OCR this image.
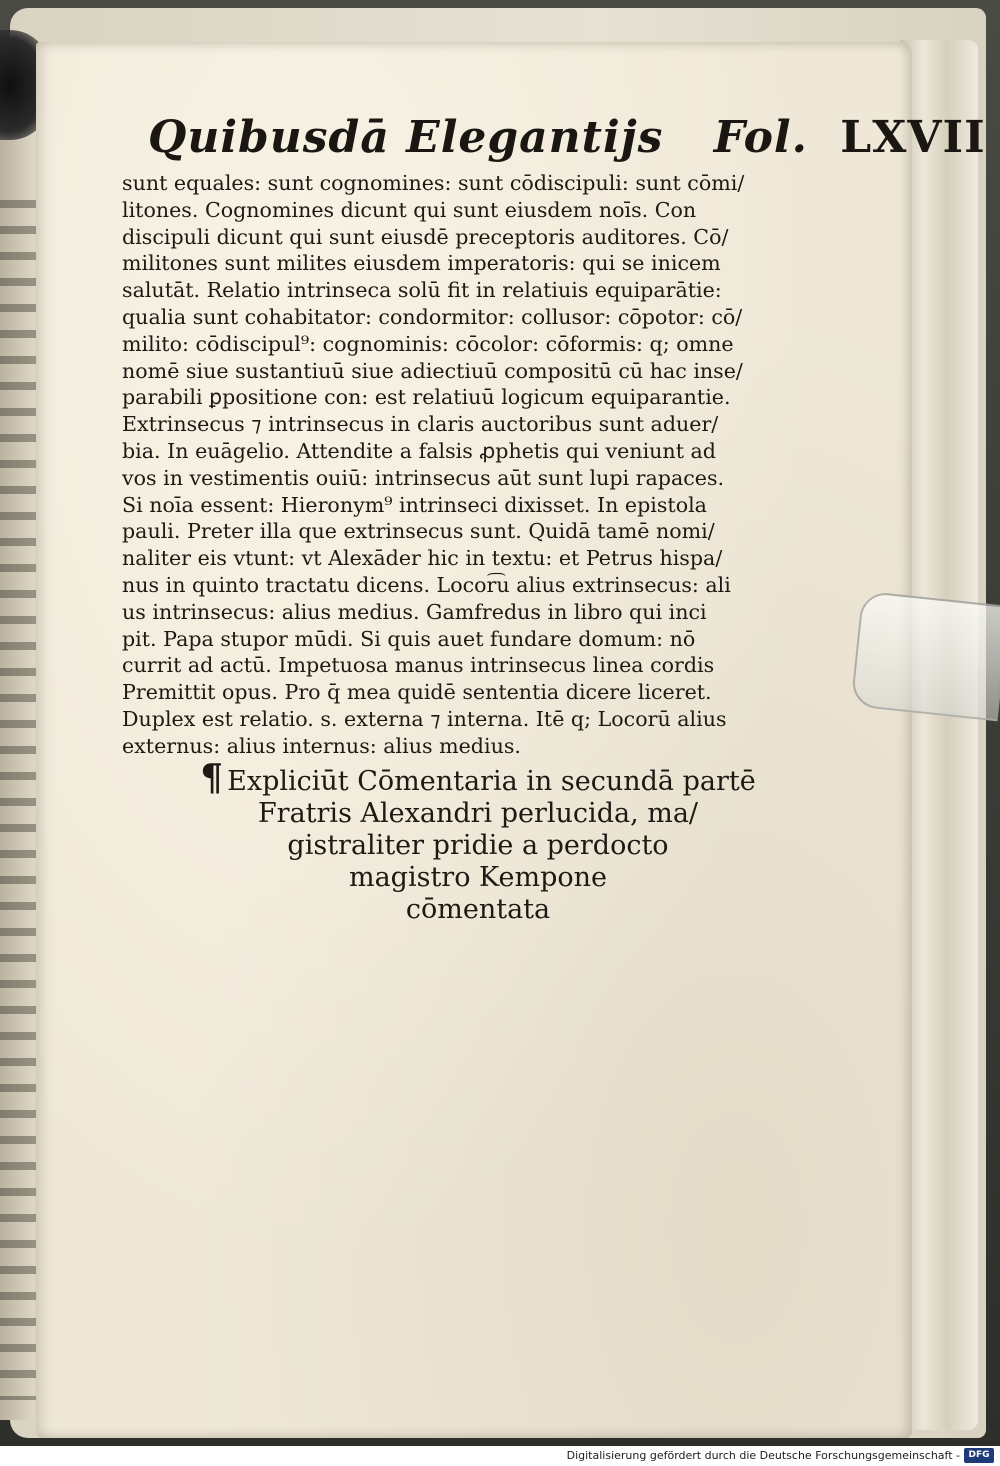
Quibusdā Elegantijs Fol. LXVII
sunt equales: sunt cognomines: sunt cōdiscipuli: sunt cōmi/
litones. Cognomines dicunt qui sunt eiusdem noīs. Con
discipuli dicunt qui sunt eiusdē preceptoris auditores. Cō/
militones sunt milites eiusdem imperatoris: qui se inicem
salutāt. Relatio intrinseca solū fit in relatiuis equiparātie:
qualia sunt cohabitator: condormitor: collusor: cōpotor: cō/
milito: cōdiscipul⁹: cognominis: cōcolor: cōformis: q; omne
nomē siue sustantiuū siue adiectiuū compositū cū hac inse/
parabili ꝑpositione con: est relatiuū logicum equiparantie.
Extrinsecus ⁊ intrinsecus in claris auctoribus sunt aduer/
bia. In euāgelio. Attendite a falsis ꝓphetis qui veniunt ad
vos in vestimentis ouiū: intrinsecus aūt sunt lupi rapaces.
Si noīa essent: Hieronym⁹ intrinseci dixisset. In epistola
pauli. Preter illa que extrinsecus sunt. Quidā tamē nomi/
naliter eis vtunt: vt Alexāder hic in textu: et Petrus hispa/
nus in quinto tractatu dicens. Locor͡u alius extrinsecus: ali
us intrinsecus: alius medius. Gamfredus in libro qui inci
pit. Papa stupor mūdi. Si quis auet fundare domum: nō
currit ad actū. Impetuosa manus intrinsecus linea cordis
Premittit opus. Pro q̄ mea quidē sententia dicere liceret.
Duplex est relatio. s. externa ⁊ interna. Itē q; Locorū alius
externus: alius internus: alius medius.
¶ Expliciūt Cōmentaria in secundā partē
Fratris Alexandri perlucida, ma/
gistraliter pridie a perdocto
magistro Kempone
cōmentata
Digitalisierung gefördert durch die Deutsche Forschungsgemeinschaft - DFG
